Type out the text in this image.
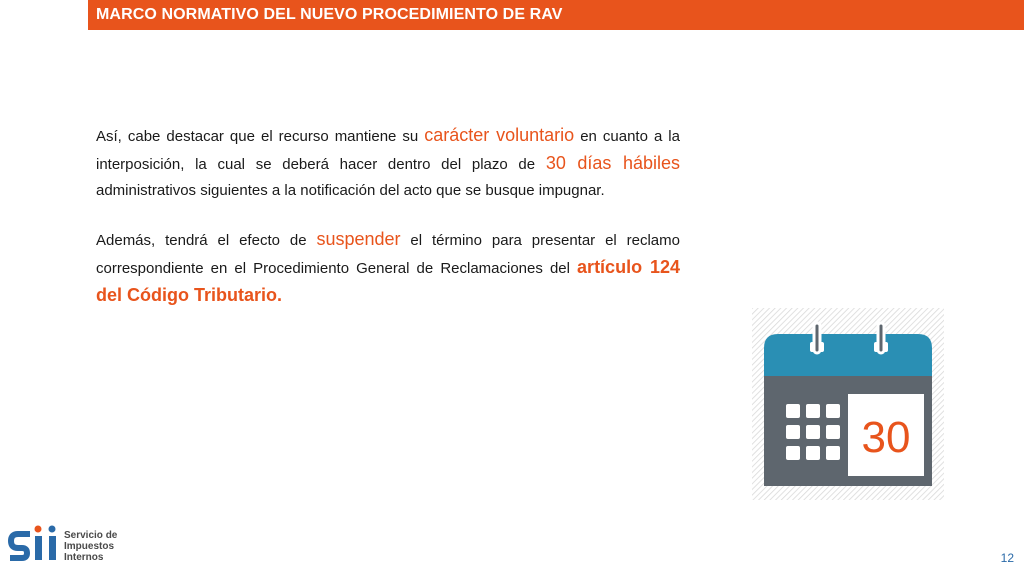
MARCO NORMATIVO DEL NUEVO PROCEDIMIENTO DE RAV

Así, cabe destacar que el recurso mantiene su carácter voluntario en cuanto a la interposición, la cual se deberá hacer dentro del plazo de 30 días hábiles administrativos siguientes a la notificación del acto que se busque impugnar.

Además, tendrá el efecto de suspender el término para presentar el reclamo correspondiente en el Procedimiento General de Reclamaciones del artículo 124 del Código Tributario.

30
Servicio de
Impuestos
Internos	12
